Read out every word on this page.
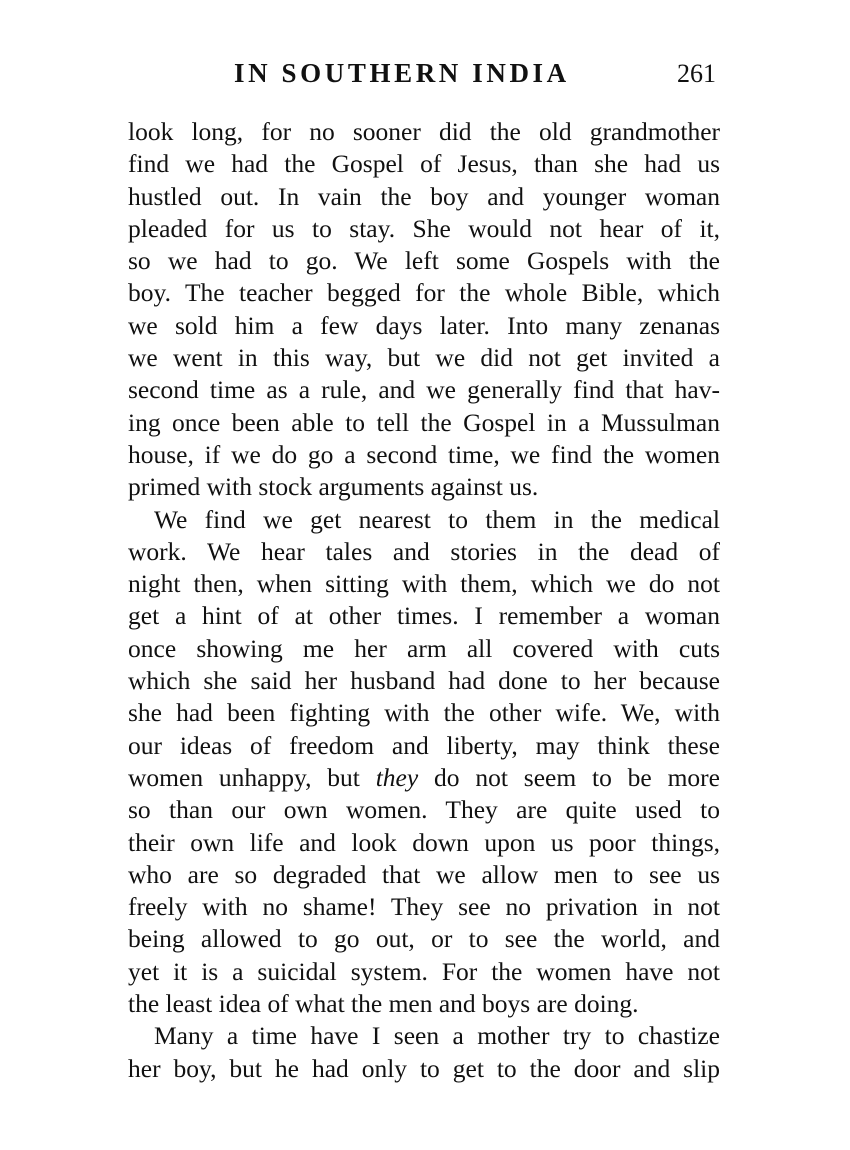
IN SOUTHERN INDIA	261
look long, for no sooner did the old grandmother
find we had the Gospel of Jesus, than she had us
hustled out. In vain the boy and younger woman
pleaded for us to stay. She would not hear of it,
so we had to go. We left some Gospels with the
boy. The teacher begged for the whole Bible, which
we sold him a few days later. Into many zenanas
we went in this way, but we did not get invited a
second time as a rule, and we generally find that hav-
ing once been able to tell the Gospel in a Mussulman
house, if we do go a second time, we find the women
primed with stock arguments against us.
We find we get nearest to them in the medical
work. We hear tales and stories in the dead of
night then, when sitting with them, which we do not
get a hint of at other times. I remember a woman
once showing me her arm all covered with cuts
which she said her husband had done to her because
she had been fighting with the other wife. We, with
our ideas of freedom and liberty, may think these
women unhappy, but they do not seem to be more
so than our own women. They are quite used to
their own life and look down upon us poor things,
who are so degraded that we allow men to see us
freely with no shame! They see no privation in not
being allowed to go out, or to see the world, and
yet it is a suicidal system. For the women have not
the least idea of what the men and boys are doing.
Many a time have I seen a mother try to chastize
her boy, but he had only to get to the door and slip
